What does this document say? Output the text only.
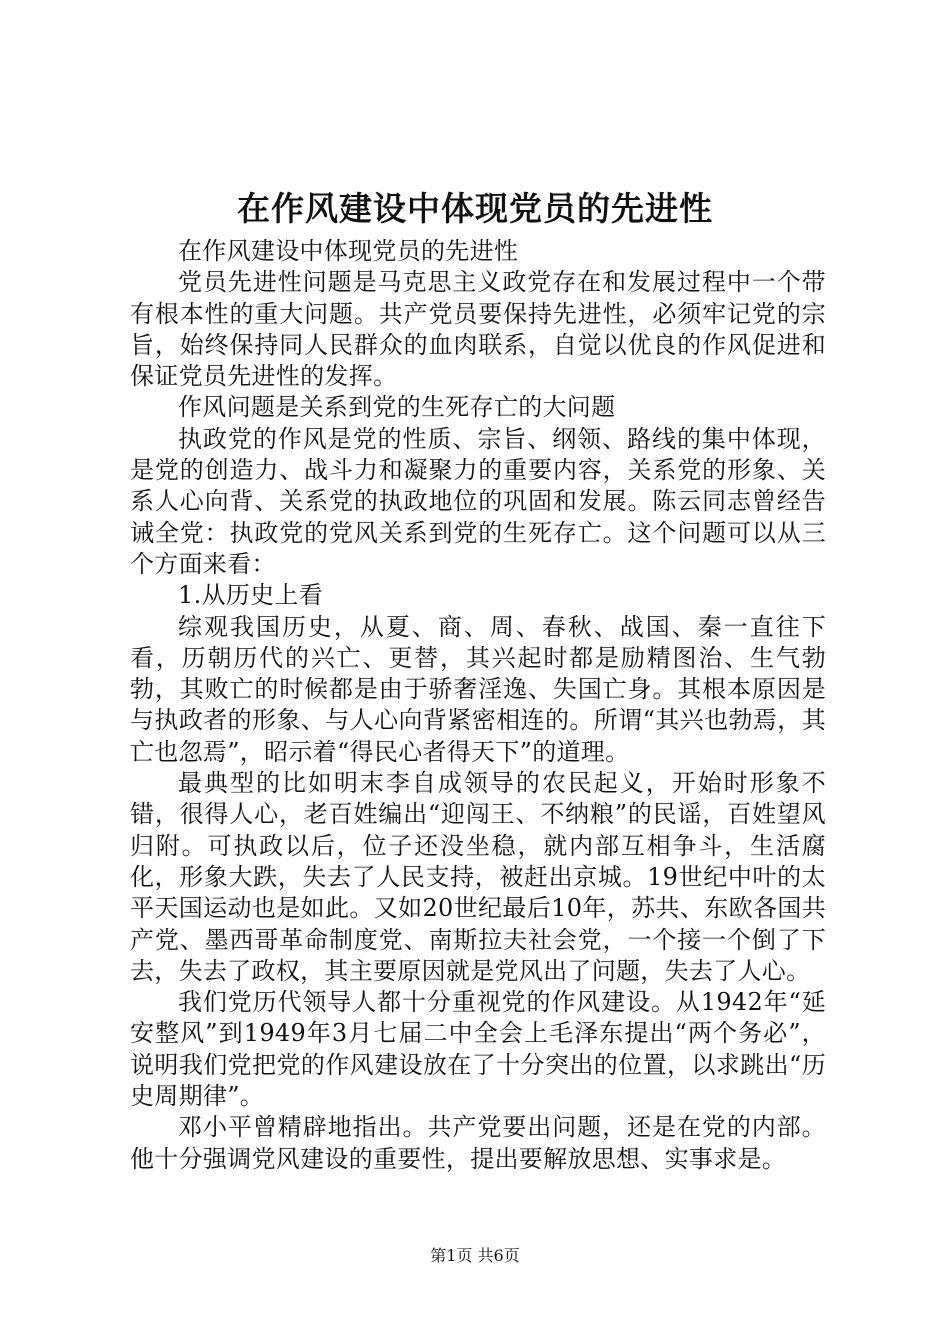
在作风建设中体现党员的先进性

在作风建设中体现党员的先进性

党员先进性问题是马克思主义政党存在和发展过程中一个带有根本性的重大问题。共产党员要保持先进性，必须牢记党的宗旨，始终保持同人民群众的血肉联系，自觉以优良的作风促进和保证党员先进性的发挥。

作风问题是关系到党的生死存亡的大问题

执政党的作风是党的性质、宗旨、纲领、路线的集中体现，是党的创造力、战斗力和凝聚力的重要内容，关系党的形象、关系人心向背、关系党的执政地位的巩固和发展。陈云同志曾经告诫全党：执政党的党风关系到党的生死存亡。这个问题可以从三个方面来看：

1.从历史上看

综观我国历史，从夏、商、周、春秋、战国、秦一直往下看，历朝历代的兴亡、更替，其兴起时都是励精图治、生气勃勃，其败亡的时候都是由于骄奢淫逸、失国亡身。其根本原因是与执政者的形象、与人心向背紧密相连的。所谓“其兴也勃焉，其亡也忽焉”，昭示着“得民心者得天下”的道理。

最典型的比如明末李自成领导的农民起义，开始时形象不错，很得人心，老百姓编出“迎闯王、不纳粮”的民谣，百姓望风归附。可执政以后，位子还没坐稳，就内部互相争斗，生活腐化，形象大跌，失去了人民支持，被赶出京城。19世纪中叶的太平天国运动也是如此。又如20世纪最后10年，苏共、东欧各国共产党、墨西哥革命制度党、南斯拉夫社会党，一个接一个倒了下去，失去了政权，其主要原因就是党风出了问题，失去了人心。

我们党历代领导人都十分重视党的作风建设。从1942年“延安整风”到1949年3月七届二中全会上毛泽东提出“两个务必”，说明我们党把党的作风建设放在了十分突出的位置，以求跳出“历史周期律”。

邓小平曾精辟地指出。共产党要出问题，还是在党的内部。他十分强调党风建设的重要性，提出要解放思想、实事求是。

第1页 共6页
